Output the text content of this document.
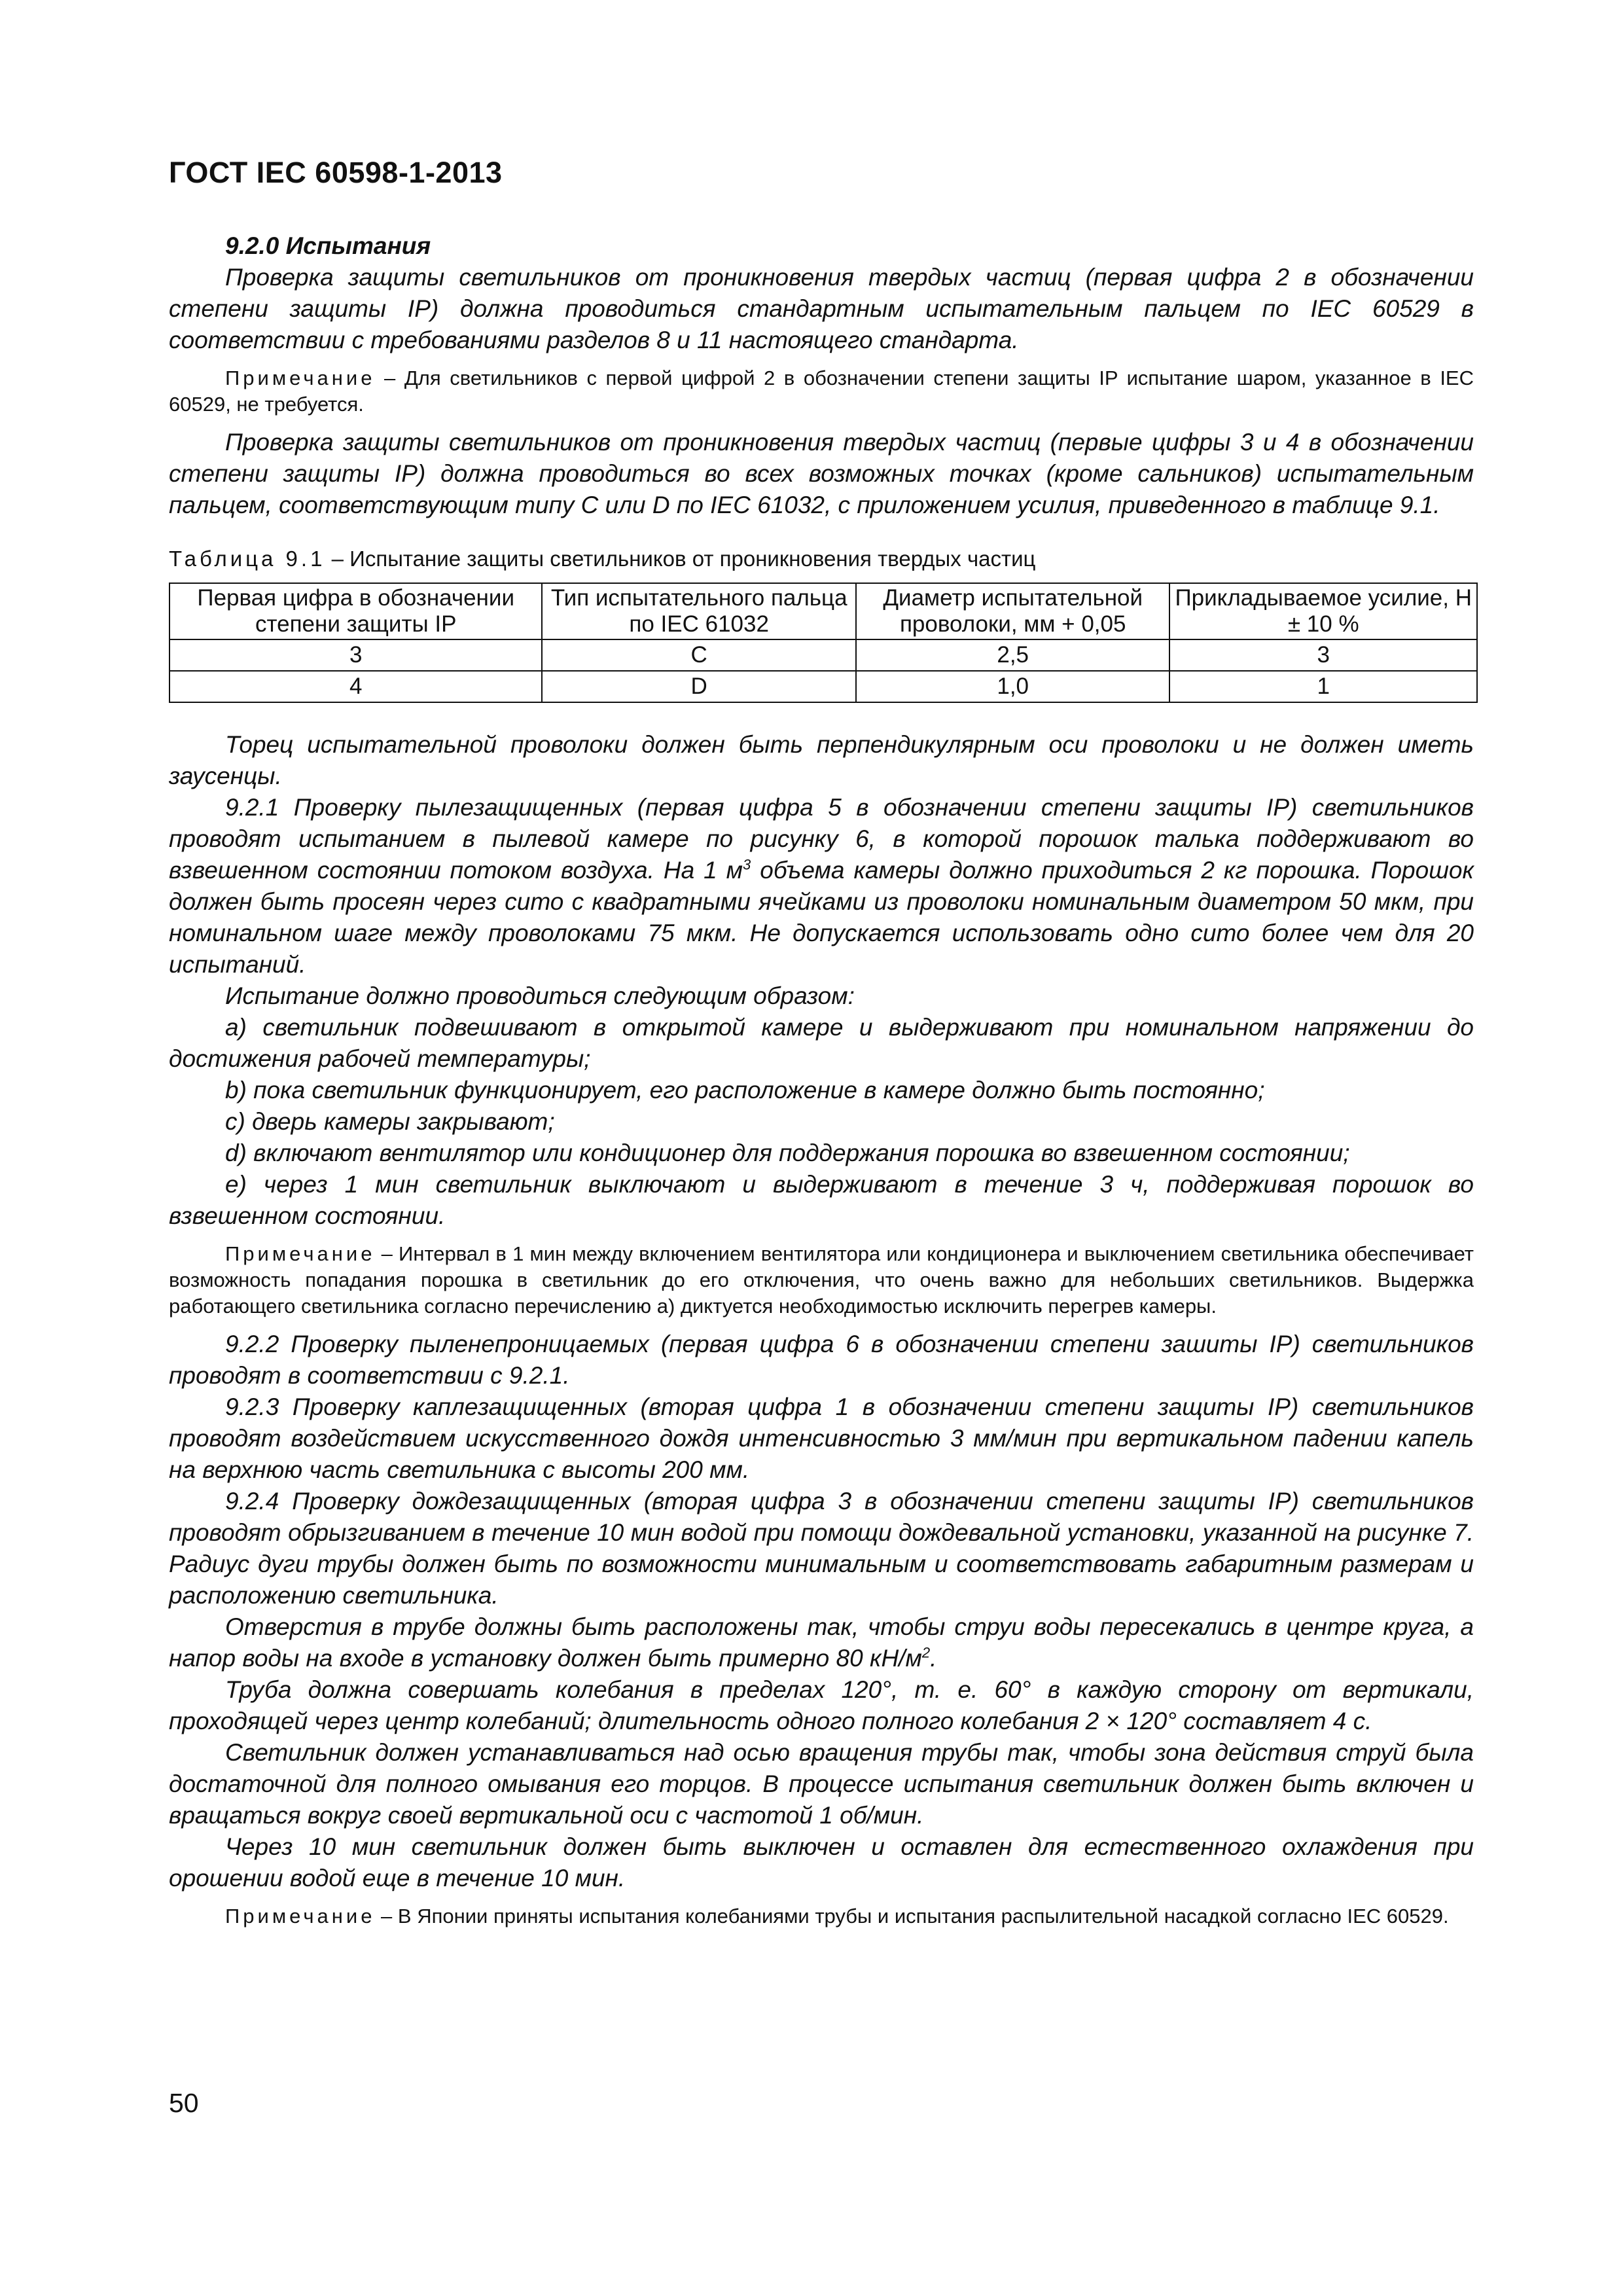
ГОСТ IEC 60598-1-2013

9.2.0 Испытания

Проверка защиты светильников от проникновения твердых частиц (первая цифра 2 в обозначении степени защиты IP) должна проводиться стандартным испытательным пальцем по IEC 60529 в соответствии с требованиями разделов 8 и 11 настоящего стандарта.

Примечание – Для светильников с первой цифрой 2 в обозначении степени защиты IP испытание шаром, указанное в IEC 60529, не требуется.

Проверка защиты светильников от проникновения твердых частиц (первые цифры 3 и 4 в обозначении степени защиты IP) должна проводиться во всех возможных точках (кроме сальников) испытательным пальцем, соответствующим типу C или D по IEC 61032, с приложением усилия, приведенного в таблице 9.1.

Таблица 9.1 – Испытание защиты светильников от проникновения твердых частиц
Первая цифра в обозначении степени защиты IP	Тип испытательного пальца по IEC 61032	Диаметр испытательной проволоки, мм + 0,05	Прикладываемое усилие, Н ± 10 %
3	C	2,5	3
4	D	1,0	1

Торец испытательной проволоки должен быть перпендикулярным оси проволоки и не должен иметь заусенцы.

9.2.1 Проверку пылезащищенных (первая цифра 5 в обозначении степени защиты IP) светильников проводят испытанием в пылевой камере по рисунку 6, в которой порошок талька поддерживают во взвешенном состоянии потоком воздуха. На 1 $м^3$ объема камеры должно приходиться 2 кг порошка. Порошок должен быть просеян через сито с квадратными ячейками из проволоки номинальным диаметром 50 мкм, при номинальном шаге между проволоками 75 мкм. Не допускается использовать одно сито более чем для 20 испытаний.

Испытание должно проводиться следующим образом:

а) светильник подвешивают в открытой камере и выдерживают при номинальном напряжении до достижения рабочей температуры;

b) пока светильник функционирует, его расположение в камере должно быть постоянно;

c) дверь камеры закрывают;

d) включают вентилятор или кондиционер для поддержания порошка во взвешенном состоянии;

e) через 1 мин светильник выключают и выдерживают в течение 3 ч, поддерживая порошок во взвешенном состоянии.

Примечание – Интервал в 1 мин между включением вентилятора или кондиционера и выключением светильника обеспечивает возможность попадания порошка в светильник до его отключения, что очень важно для небольших светильников. Выдержка работающего светильника согласно перечислению а) диктуется необходимостью исключить перегрев камеры.

9.2.2 Проверку пыленепроницаемых (первая цифра 6 в обозначении степени зашиты IP) светильников проводят в соответствии с 9.2.1.

9.2.3 Проверку каплезащищенных (вторая цифра 1 в обозначении степени защиты IP) светильников проводят воздействием искусственного дождя интенсивностью 3 мм/мин при вертикальном падении капель на верхнюю часть светильника с высоты 200 мм.

9.2.4 Проверку дождезащищенных (вторая цифра 3 в обозначении степени защиты IP) светильников проводят обрызгиванием в течение 10 мин водой при помощи дождевальной установки, указанной на рисунке 7. Радиус дуги трубы должен быть по возможности минимальным и соответствовать габаритным размерам и расположению светильника.

Отверстия в трубе должны быть расположены так, чтобы струи воды пересекались в центре круга, а напор воды на входе в установку должен быть примерно 80 $кН/м^2$.

Труба должна совершать колебания в пределах 120°, т. е. 60° в каждую сторону от вертикали, проходящей через центр колебаний; длительность одного полного колебания 2 × 120° составляет 4 с.

Светильник должен устанавливаться над осью вращения трубы так, чтобы зона действия струй была достаточной для полного омывания его торцов. В процессе испытания светильник должен быть включен и вращаться вокруг своей вертикальной оси с частотой 1 об/мин.

Через 10 мин светильник должен быть выключен и оставлен для естественного охлаждения при орошении водой еще в течение 10 мин.

Примечание – В Японии приняты испытания колебаниями трубы и испытания распылительной насадкой согласно IEC 60529.

50
